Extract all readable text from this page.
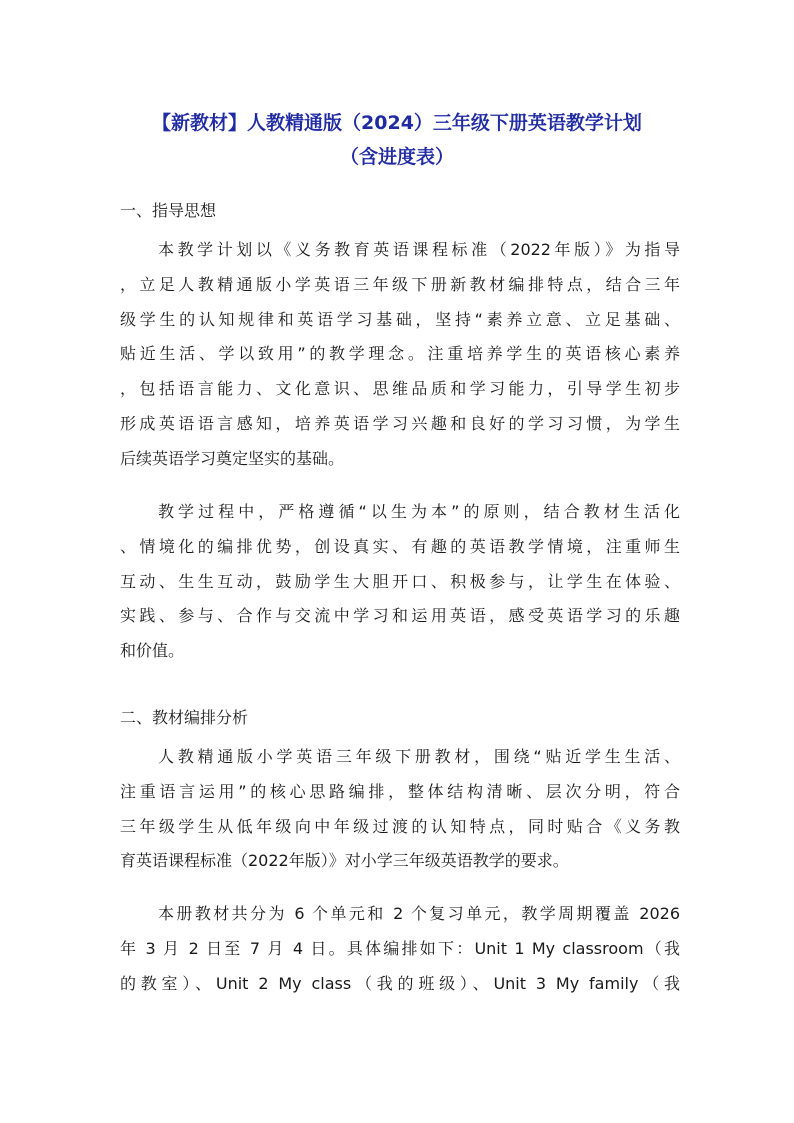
【新教材】人教精通版（2024）三年级下册英语教学计划
（含进度表）
一、指导思想

本教学计划以《义务教育英语课程标准（2022年版）》为指导
，立足人教精通版小学英语三年级下册新教材编排特点，结合三年
级学生的认知规律和英语学习基础，坚持“素养立意、立足基础、
贴近生活、学以致用”的教学理念。注重培养学生的英语核心素养
，包括语言能力、文化意识、思维品质和学习能力，引导学生初步
形成英语语言感知，培养英语学习兴趣和良好的学习习惯，为学生
后续英语学习奠定坚实的基础。

教学过程中，严格遵循“以生为本”的原则，结合教材生活化
、情境化的编排优势，创设真实、有趣的英语教学情境，注重师生
互动、生生互动，鼓励学生大胆开口、积极参与，让学生在体验、
实践、参与、合作与交流中学习和运用英语，感受英语学习的乐趣
和价值。

二、教材编排分析

人教精通版小学英语三年级下册教材，围绕“贴近学生生活、
注重语言运用”的核心思路编排，整体结构清晰、层次分明，符合
三年级学生从低年级向中年级过渡的认知特点，同时贴合《义务教
育英语课程标准（2022年版）》对小学三年级英语教学的要求。

本册教材共分为 6 个单元和 2 个复习单元，教学周期覆盖 2026
年 3 月 2 日至 7 月 4 日。具体编排如下：Unit 1 My classroom（我
的教室）、Unit 2 My class（我的班级）、Unit 3 My family（我
